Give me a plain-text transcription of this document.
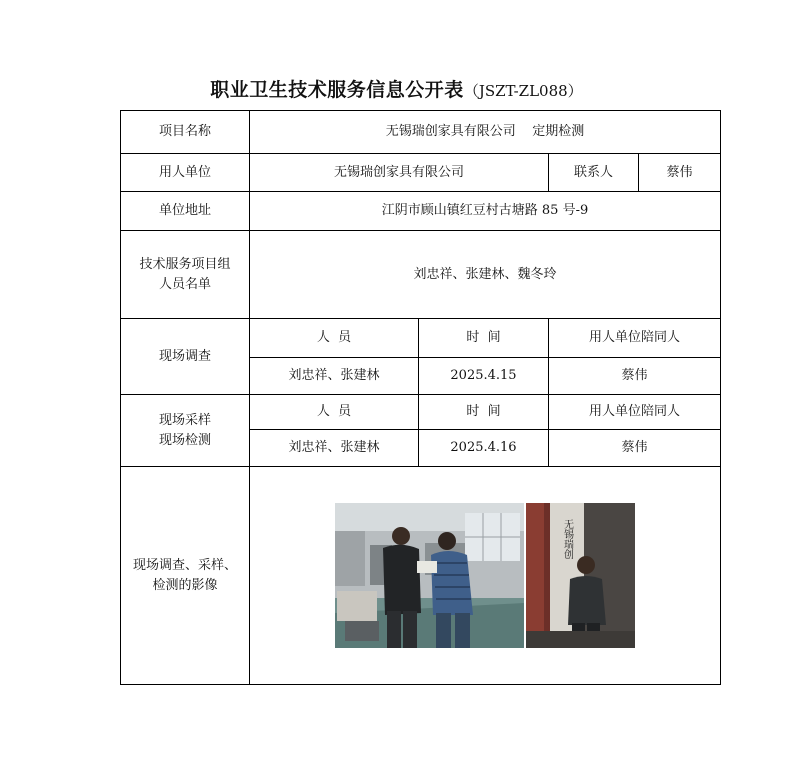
职业卫生技术服务信息公开表（JSZT-ZL088）
项目名称	无锡瑞创家具有限公司    定期检测			
用人单位	无锡瑞创家具有限公司		联系人	蔡伟
单位地址	江阴市顾山镇红豆村古塘路 85 号-9			
技术服务项目组人员名单	刘忠祥、张建林、魏冬玲			
现场调查	人  员	时  间	用人单位陪同人	
	刘忠祥、张建林	2025.4.15	蔡伟	
现场采样
现场检测	人  员	时  间	用人单位陪同人	
	刘忠祥、张建林	2025.4.16	蔡伟	
现场调查、采样、检测的影像	无锡瑞创			
